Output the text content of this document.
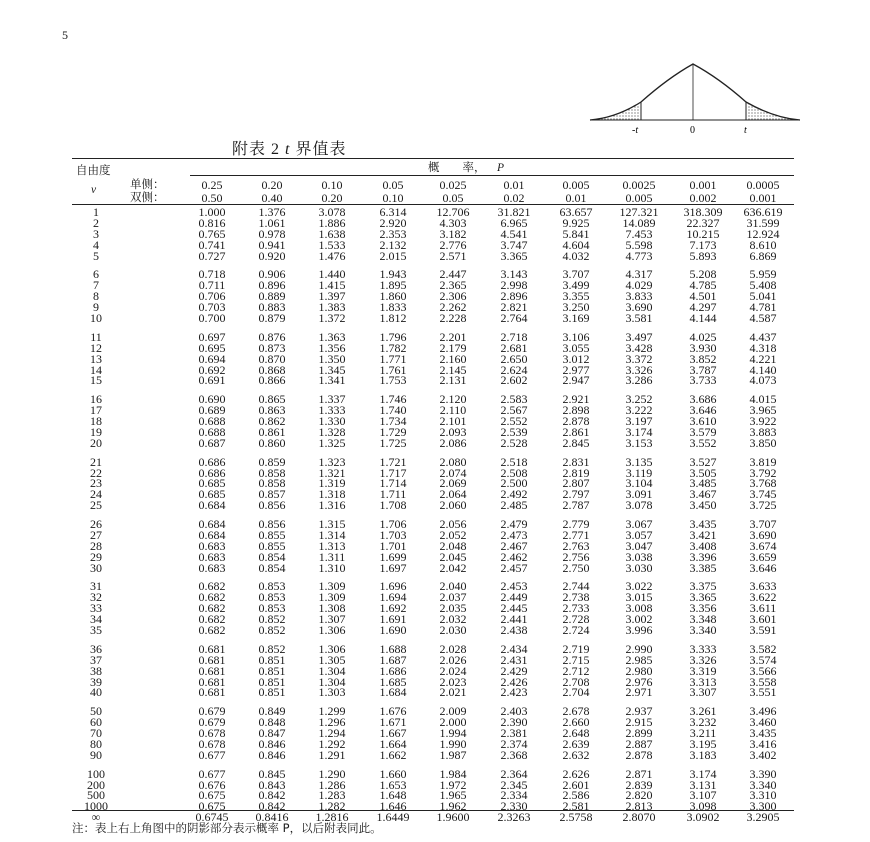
5
-t	0	t
附表 2 t 界值表
自由度
ν
概　　率， P
单侧：
双侧：
0.25	0.20	0.10	0.05	0.025	0.01	0.005	0.0025	0.001	0.0005
0.50	0.40	0.20	0.10	0.05	0.02	0.01	0.005	0.002	0.001
1	1.000	1.376	3.078	6.314	12.706	31.821	63.657	127.321	318.309	636.619
2	0.816	1.061	1.886	2.920	4.303	6.965	9.925	14.089	22.327	31.599
3	0.765	0.978	1.638	2.353	3.182	4.541	5.841	7.453	10.215	12.924
4	0.741	0.941	1.533	2.132	2.776	3.747	4.604	5.598	7.173	8.610
5	0.727	0.920	1.476	2.015	2.571	3.365	4.032	4.773	5.893	6.869
6	0.718	0.906	1.440	1.943	2.447	3.143	3.707	4.317	5.208	5.959
7	0.711	0.896	1.415	1.895	2.365	2.998	3.499	4.029	4.785	5.408
8	0.706	0.889	1.397	1.860	2.306	2.896	3.355	3.833	4.501	5.041
9	0.703	0.883	1.383	1.833	2.262	2.821	3.250	3.690	4.297	4.781
10	0.700	0.879	1.372	1.812	2.228	2.764	3.169	3.581	4.144	4.587
11	0.697	0.876	1.363	1.796	2.201	2.718	3.106	3.497	4.025	4.437
12	0.695	0.873	1.356	1.782	2.179	2.681	3.055	3.428	3.930	4.318
13	0.694	0.870	1.350	1.771	2.160	2.650	3.012	3.372	3.852	4.221
14	0.692	0.868	1.345	1.761	2.145	2.624	2.977	3.326	3.787	4.140
15	0.691	0.866	1.341	1.753	2.131	2.602	2.947	3.286	3.733	4.073
16	0.690	0.865	1.337	1.746	2.120	2.583	2.921	3.252	3.686	4.015
17	0.689	0.863	1.333	1.740	2.110	2.567	2.898	3.222	3.646	3.965
18	0.688	0.862	1.330	1.734	2.101	2.552	2.878	3.197	3.610	3.922
19	0.688	0.861	1.328	1.729	2.093	2.539	2.861	3.174	3.579	3.883
20	0.687	0.860	1.325	1.725	2.086	2.528	2.845	3.153	3.552	3.850
21	0.686	0.859	1.323	1.721	2.080	2.518	2.831	3.135	3.527	3.819
22	0.686	0.858	1.321	1.717	2.074	2.508	2.819	3.119	3.505	3.792
23	0.685	0.858	1.319	1.714	2.069	2.500	2.807	3.104	3.485	3.768
24	0.685	0.857	1.318	1.711	2.064	2.492	2.797	3.091	3.467	3.745
25	0.684	0.856	1.316	1.708	2.060	2.485	2.787	3.078	3.450	3.725
26	0.684	0.856	1.315	1.706	2.056	2.479	2.779	3.067	3.435	3.707
27	0.684	0.855	1.314	1.703	2.052	2.473	2.771	3.057	3.421	3.690
28	0.683	0.855	1.313	1.701	2.048	2.467	2.763	3.047	3.408	3.674
29	0.683	0.854	1.311	1.699	2.045	2.462	2.756	3.038	3.396	3.659
30	0.683	0.854	1.310	1.697	2.042	2.457	2.750	3.030	3.385	3.646
31	0.682	0.853	1.309	1.696	2.040	2.453	2.744	3.022	3.375	3.633
32	0.682	0.853	1.309	1.694	2.037	2.449	2.738	3.015	3.365	3.622
33	0.682	0.853	1.308	1.692	2.035	2.445	2.733	3.008	3.356	3.611
34	0.682	0.852	1.307	1.691	2.032	2.441	2.728	3.002	3.348	3.601
35	0.682	0.852	1.306	1.690	2.030	2.438	2.724	3.996	3.340	3.591
36	0.681	0.852	1.306	1.688	2.028	2.434	2.719	2.990	3.333	3.582
37	0.681	0.851	1.305	1.687	2.026	2.431	2.715	2.985	3.326	3.574
38	0.681	0.851	1.304	1.686	2.024	2.429	2.712	2.980	3.319	3.566
39	0.681	0.851	1.304	1.685	2.023	2.426	2.708	2.976	3.313	3.558
40	0.681	0.851	1.303	1.684	2.021	2.423	2.704	2.971	3.307	3.551
50	0.679	0.849	1.299	1.676	2.009	2.403	2.678	2.937	3.261	3.496
60	0.679	0.848	1.296	1.671	2.000	2.390	2.660	2.915	3.232	3.460
70	0.678	0.847	1.294	1.667	1.994	2.381	2.648	2.899	3.211	3.435
80	0.678	0.846	1.292	1.664	1.990	2.374	2.639	2.887	3.195	3.416
90	0.677	0.846	1.291	1.662	1.987	2.368	2.632	2.878	3.183	3.402
100	0.677	0.845	1.290	1.660	1.984	2.364	2.626	2.871	3.174	3.390
200	0.676	0.843	1.286	1.653	1.972	2.345	2.601	2.839	3.131	3.340
500	0.675	0.842	1.283	1.648	1.965	2.334	2.586	2.820	3.107	3.310
1000	0.675	0.842	1.282	1.646	1.962	2.330	2.581	2.813	3.098	3.300
∞	0.6745	0.8416	1.2816	1.6449	1.9600	2.3263	2.5758	2.8070	3.0902	3.2905
注：表上右上角图中的阴影部分表示概率 P，以后附表同此。
